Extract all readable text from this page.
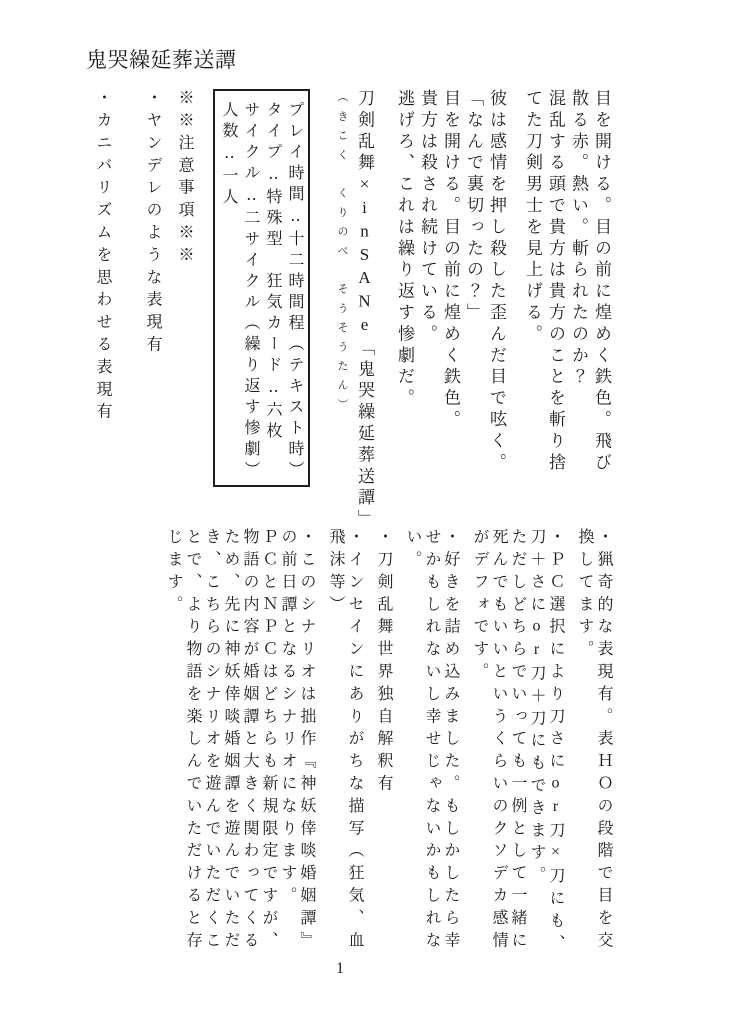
鬼哭繰延葬送譚
目を開ける。目の前に煌めく鉄色。飛び
散る赤。熱い。斬られたのか？
混乱する頭で貴方は貴方のことを斬り捨
てた刀剣男士を見上げる。
彼は感情を押し殺した歪んだ目で呟く。
「なんで裏切ったの？」
目を開ける。目の前に煌めく鉄色。
貴方は殺され続けている。
逃げろ、これは繰り返す惨劇だ。
刀剣乱舞×inSANe「鬼哭繰延葬送譚」
（きこく　くりのべ　そうそうたん）
プレイ時間‥十二時間程（テキスト時）
タイプ‥特殊型　狂気カード‥六枚
サイクル‥二サイクル（繰り返す惨劇）
人数‥一人
※※注意事項※※
・ヤンデレのような表現有
・カニバリズムを思わせる表現有
・猟奇的な表現有。表ＨＯの段階で目を交
換してます。
・ＰＣ選択により刀さにor刀×刀にも、
刀＋さにor刀＋刀にもできます。
ただしどちらでいっても一例として一緒に
死んでもいいというくらいのクソデカ感情
がデフォです。
・好きを詰め込みました。もしかしたら幸
せかもしれないし幸せじゃないかもしれな
い。
・刀剣乱舞世界独自解釈有
・インセインにありがちな描写（狂気、血
飛沫等）
・このシナリオは拙作『神妖倖啖婚姻譚』
の前日譚となるシナリオになります。
ＰＣとＮＰＣはどちらも新規限定ですが、
物語の内容が婚姻譚と大きく関わってくる
ため、先に神妖倖啖婚姻譚を遊んでいただ
き、こちらのシナリオを遊んでいただくこ
とで、より物語を楽しんでいただけると存
じます。
1
